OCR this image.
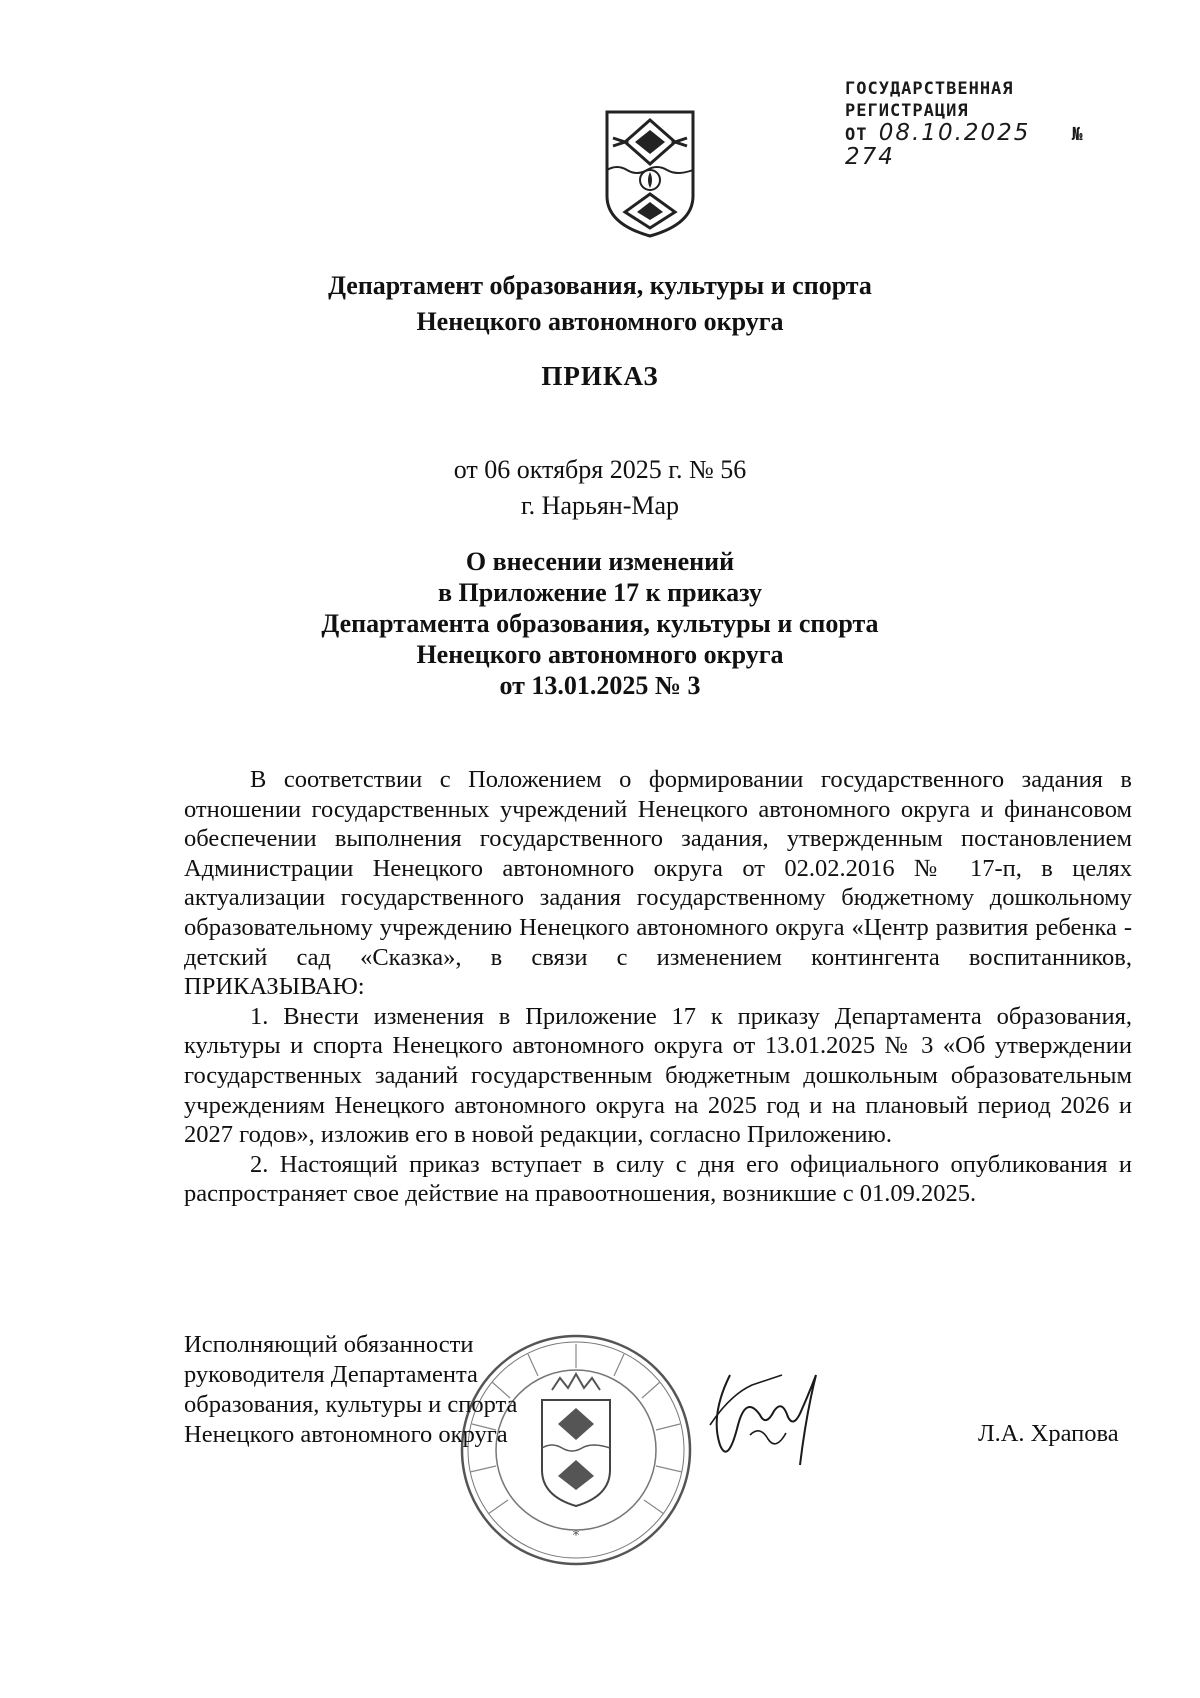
ГОСУДАРСТВЕННАЯ
РЕГИСТРАЦИЯ
ОТ 08.10.2025 № 274
Департамент образования, культуры и спорта
Ненецкого автономного округа
ПРИКАЗ
от 06 октября 2025 г. № 56
г. Нарьян-Мар
О внесении изменений
в Приложение 17 к приказу
Департамента образования, культуры и спорта
Ненецкого автономного округа
от 13.01.2025 № 3

В соответствии с Положением о формировании государственного задания в отношении государственных учреждений Ненецкого автономного округа и финансовом обеспечении выполнения государственного задания, утвержденным постановлением Администрации Ненецкого автономного округа от 02.02.2016 № 17-п, в целях актуализации государственного задания государственному бюджетному дошкольному образовательному учреждению Ненецкого автономного округа «Центр развития ребенка - детский сад «Сказка», в связи с изменением контингента воспитанников, ПРИКАЗЫВАЮ:

1. Внести изменения в Приложение 17 к приказу Департамента образования, культуры и спорта Ненецкого автономного округа от 13.01.2025 № 3 «Об утверждении государственных заданий государственным бюджетным дошкольным образовательным учреждениям Ненецкого автономного округа на 2025 год и на плановый период 2026 и 2027 годов», изложив его в новой редакции, согласно Приложению.

2. Настоящий приказ вступает в силу с дня его официального опубликования и распространяет свое действие на правоотношения, возникшие с 01.09.2025.

*
Исполняющий обязанности
руководителя Департамента
образования, культуры и спорта
Ненецкого автономного округа	Л.А. Храпова
